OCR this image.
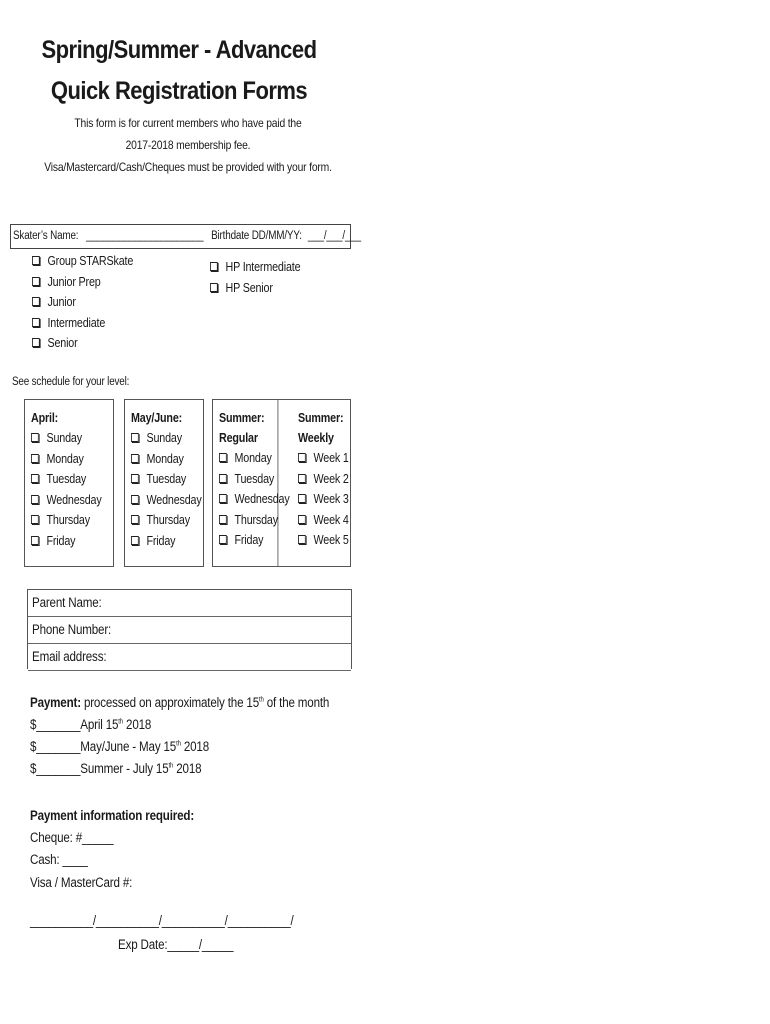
Spring/Summer - Advanced
Quick Registration Forms
This form is for current members who have paid the
2017-2018 membership fee.
Visa/Mastercard/Cash/Cheques must be provided with your form.
Skater’s Name: ______________________ Birthdate DD/MM/YY: ___/___/___
Group STARSkate
Junior Prep
Junior
Intermediate
Senior
HP Intermediate
HP Senior
See schedule for your level:
April:
Sunday
Monday
Tuesday
Wednesday
Thursday
Friday
May/June:
Sunday
Monday
Tuesday
Wednesday
Thursday
Friday
Summer:
Regular
Monday
Tuesday
Wednesday
Thursday
Friday
Summer:
Weekly
Week 1
Week 2
Week 3
Week 4
Week 5
Parent Name:
Phone Number:
Email address:
Payment: processed on approximately the 15th of the month
$_______April 15th 2018
$_______May/June - May 15th 2018
$_______Summer - July 15th 2018
Payment information required:
Cheque: #_____
Cash: ____
Visa / MasterCard #:
__________/__________/__________/__________/
Exp Date:_____/_____
